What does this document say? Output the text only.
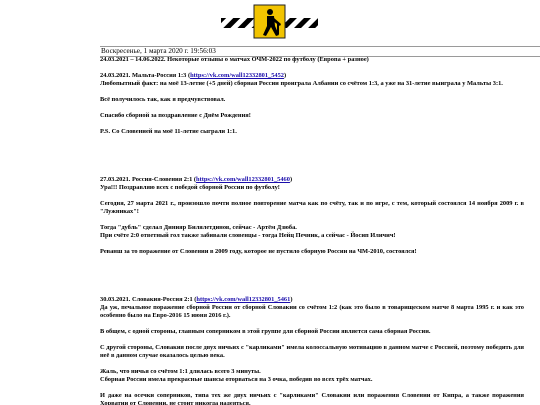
Воскресенье, 1 марта 2020 г. 19:56:03

24.03.2021 – 14.06.2022. Некоторые отзывы о матчах ОЧМ-2022 по футболу (Европа + разное)

24.03.2021. Мальта-Россия 1:3 (https://vk.com/wall12332801_5452)

Любопытный факт: на моё 13-летие (+5 дней) сборная России проиграла Албании со счётом 1:3, а уже на 31-летие выиграла у Мальты 3:1.

Всё получилось так, как я предчувствовал.

Спасибо сборной за поздравление с Днём Рождения!

P.S. Со Словенией на моё 11-летие сыграли 1:1.

27.03.2021. Россия-Словения 2:1 (https://vk.com/wall12332801_5460)

Ура!!! Поздравляю всех с победой сборной России по футболу!

Сегодня, 27 марта 2021 г., произошло почти полное повторение матча как по счёту, так и по игре, с тем, который состоялся 14 ноября 2009 г. в "Лужниках"!

Тогда "дубль" сделал Динияр Билялетдинов, сейчас - Артём Дзюба.

При счёте 2:0 ответный гол также забивали словенцы - тогда Нейц Печник, а сейчас - Йосип Иличич!

Реванш за то поражение от Словении в 2009 году, которое не пустило сборную России на ЧМ-2010, состоялся!

30.03.2021. Словакия-Россия 2:1 (https://vk.com/wall12332801_5461)

Да уж, печальное поражение сборной России от сборной Словакии со счётом 1:2 (как это было в товарищеском матче 8 марта 1995 г. и как это особенно было на Евро-2016 15 июня 2016 г.).

В общем, с одной стороны, главным соперником в этой группе для сборной России является сама сборная России.

С другой стороны, Словакия после двух ничьих с "карликами" имела колоссальную мотивацию в данном матче с Россией, поэтому победить для неё в данном случае оказалось целью века.

Жаль, что ничья со счётом 1:1 длилась всего 3 минуты.

Сборная России имела прекрасные шансы оторваться на 3 очка, победив во всех трёх матчах.

И даже на осечки соперников, типа тех же двух ничьих с "карликами" Словакии или поражения Словении от Кипра, а также поражения Хорватии от Словении, не стоит никогда надеяться.
